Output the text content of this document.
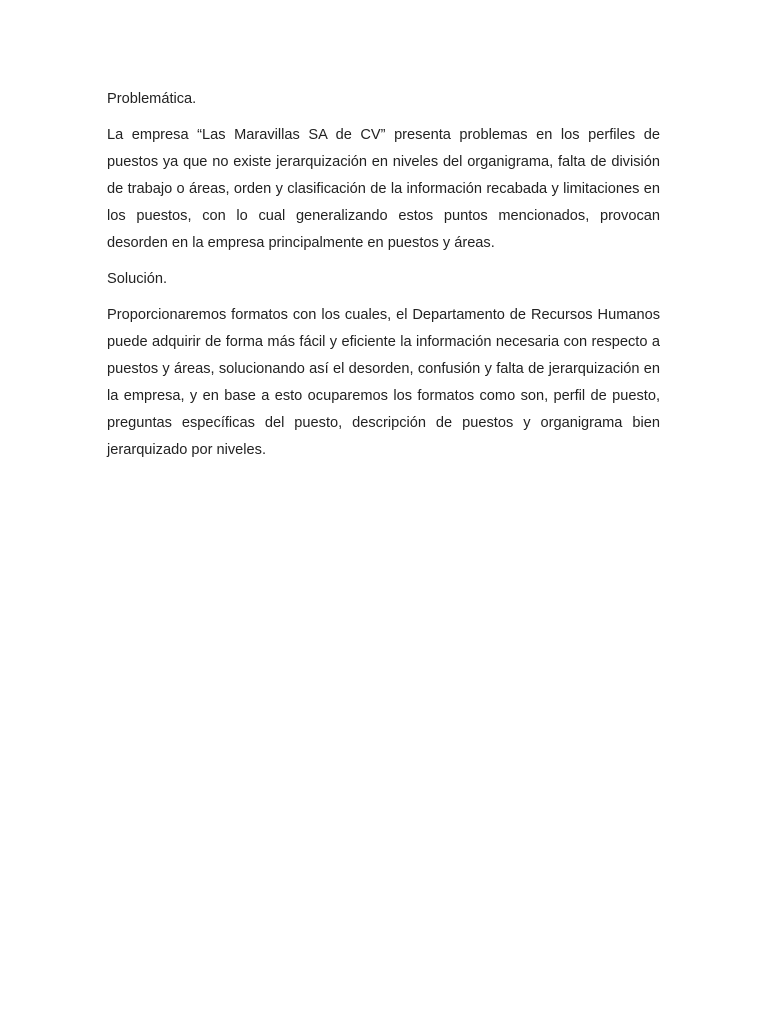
Problemática.

La empresa “Las Maravillas SA de CV” presenta problemas en los perfiles de puestos ya que no existe jerarquización en niveles del organigrama, falta de división de trabajo o áreas, orden y clasificación de la información recabada y limitaciones en los puestos, con lo cual generalizando estos puntos mencionados, provocan desorden en la empresa principalmente en puestos y áreas.

Solución.

Proporcionaremos formatos con los cuales, el Departamento de Recursos Humanos puede adquirir de forma más fácil y eficiente la información necesaria con respecto a puestos y áreas, solucionando así el desorden, confusión y falta de jerarquización en la empresa, y en base a esto ocuparemos los formatos como son, perfil de puesto, preguntas específicas del puesto, descripción de puestos y organigrama bien jerarquizado por niveles.
